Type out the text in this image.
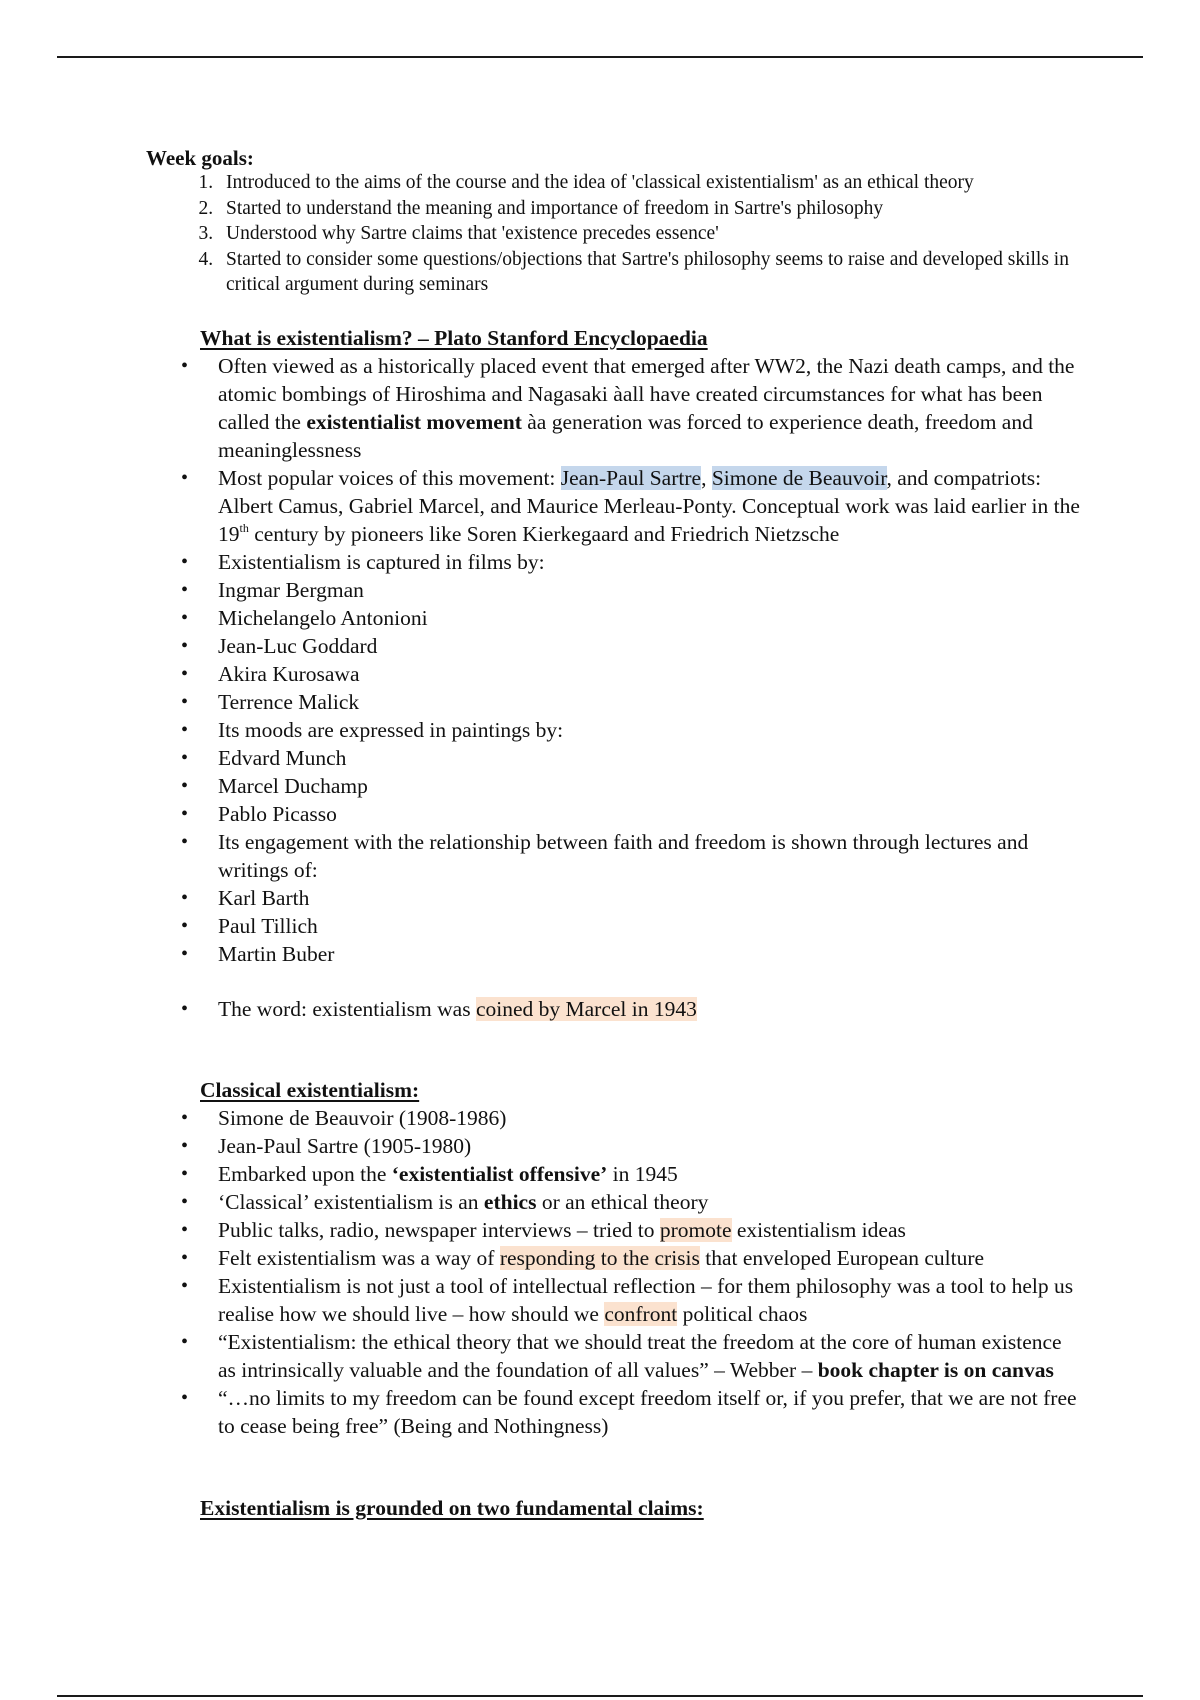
Week goals:
1. Introduced to the aims of the course and the idea of 'classical existentialism' as an ethical theory
2. Started to understand the meaning and importance of freedom in Sartre's philosophy
3. Understood why Sartre claims that 'existence precedes essence'
4. Started to consider some questions/objections that Sartre's philosophy seems to raise and developed skills in critical argument during seminars
What is existentialism? – Plato Stanford Encyclopaedia
• Often viewed as a historically placed event that emerged after WW2, the Nazi death camps, and the atomic bombings of Hiroshima and Nagasaki àall have created circumstances for what has been called the existentialist movement àa generation was forced to experience death, freedom and meaninglessness
• Most popular voices of this movement: Jean-Paul Sartre, Simone de Beauvoir, and compatriots: Albert Camus, Gabriel Marcel, and Maurice Merleau-Ponty. Conceptual work was laid earlier in the 19th century by pioneers like Soren Kierkegaard and Friedrich Nietzsche
• Existentialism is captured in films by:
• Ingmar Bergman
• Michelangelo Antonioni
• Jean-Luc Goddard
• Akira Kurosawa
• Terrence Malick
• Its moods are expressed in paintings by:
• Edvard Munch
• Marcel Duchamp
• Pablo Picasso
• Its engagement with the relationship between faith and freedom is shown through lectures and writings of:
• Karl Barth
• Paul Tillich
• Martin Buber
• The word: existentialism was coined by Marcel in 1943
Classical existentialism:
• Simone de Beauvoir (1908-1986)
• Jean-Paul Sartre (1905-1980)
• Embarked upon the ‘existentialist offensive’ in 1945
• ‘Classical’ existentialism is an ethics or an ethical theory
• Public talks, radio, newspaper interviews – tried to promote existentialism ideas
• Felt existentialism was a way of responding to the crisis that enveloped European culture
• Existentialism is not just a tool of intellectual reflection – for them philosophy was a tool to help us realise how we should live – how should we confront political chaos
• “Existentialism: the ethical theory that we should treat the freedom at the core of human existence as intrinsically valuable and the foundation of all values” – Webber – book chapter is on canvas
• “…no limits to my freedom can be found except freedom itself or, if you prefer, that we are not free to cease being free” (Being and Nothingness)
Existentialism is grounded on two fundamental claims:
